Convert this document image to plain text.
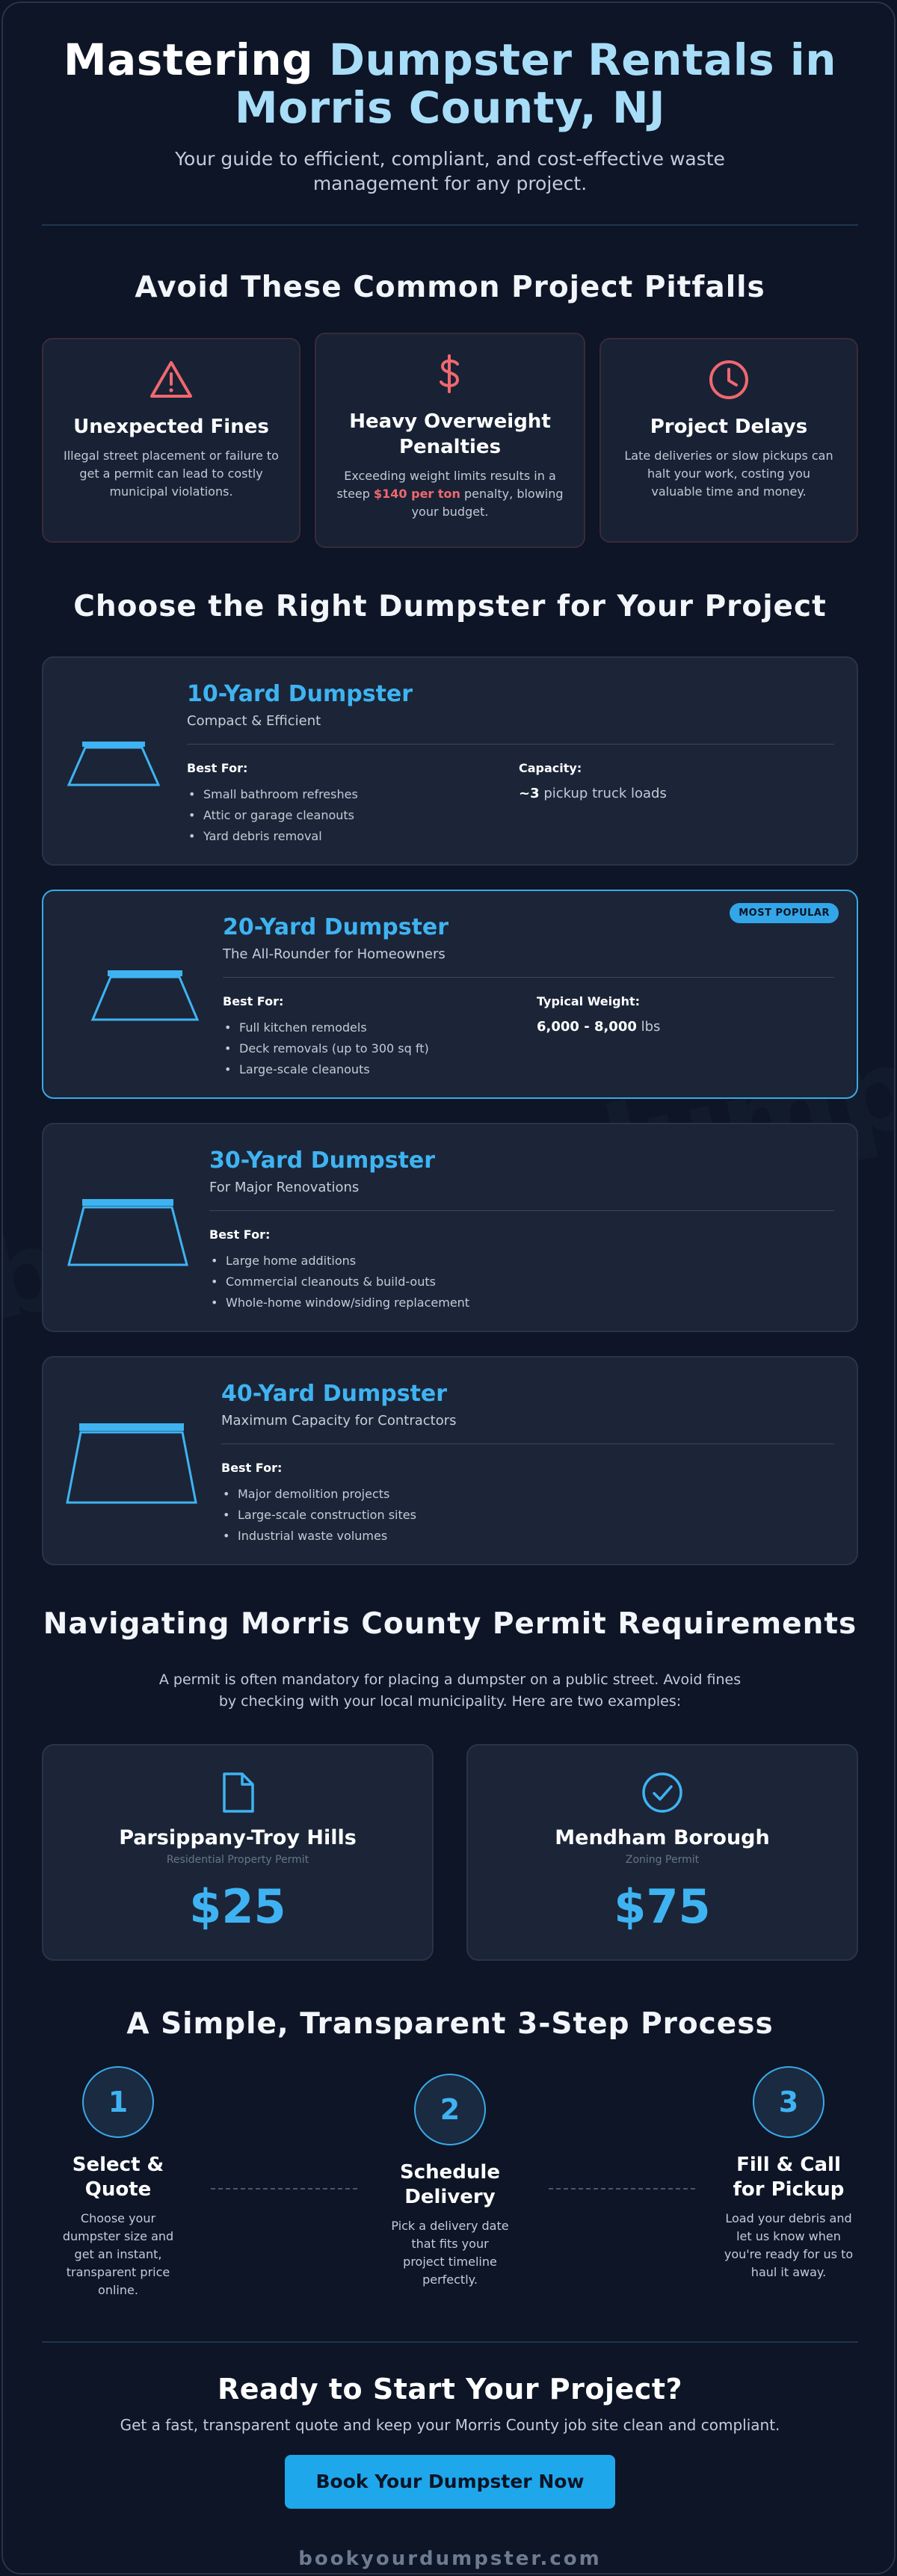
Mastering Dumpster Rentals in
Morris County, NJ

Your guide to efficient, compliant, and cost-effective waste management for any project.

Avoid These Common Project Pitfalls
Unexpected Fines

Illegal street placement or failure to get a permit can lead to costly municipal violations.

Heavy Overweight Penalties

Exceeding weight limits results in a steep $140 per ton penalty, blowing your budget.

Project Delays

Late deliveries or slow pickups can halt your work, costing you valuable time and money.

Choose the Right Dumpster for Your Project
10-Yard Dumpster
Compact & Efficient
Best For:
• Small bathroom refreshes
• Attic or garage cleanouts
• Yard debris removal
Capacity:
~3 pickup truck loads
MOST POPULAR
20-Yard Dumpster
The All-Rounder for Homeowners
Best For:
• Full kitchen remodels
• Deck removals (up to 300 sq ft)
• Large-scale cleanouts
Typical Weight:
6,000 - 8,000 lbs
30-Yard Dumpster
For Major Renovations
Best For:
• Large home additions
• Commercial cleanouts & build-outs
• Whole-home window/siding replacement
40-Yard Dumpster
Maximum Capacity for Contractors
Best For:
• Major demolition projects
• Large-scale construction sites
• Industrial waste volumes
Navigating Morris County Permit Requirements

A permit is often mandatory for placing a dumpster on a public street. Avoid fines by checking with your local municipality. Here are two examples:

Parsippany-Troy Hills
Residential Property Permit
$25
Mendham Borough
Zoning Permit
$75
A Simple, Transparent 3-Step Process
1
Select & Quote

Choose your dumpster size and get an instant, transparent price online.

2
Schedule Delivery

Pick a delivery date that fits your project timeline perfectly.

3
Fill & Call for Pickup

Load your debris and let us know when you're ready for us to haul it away.

Ready to Start Your Project?

Get a fast, transparent quote and keep your Morris County job site clean and compliant.

Book Your Dumpster Now
bookyourdumpster.com
